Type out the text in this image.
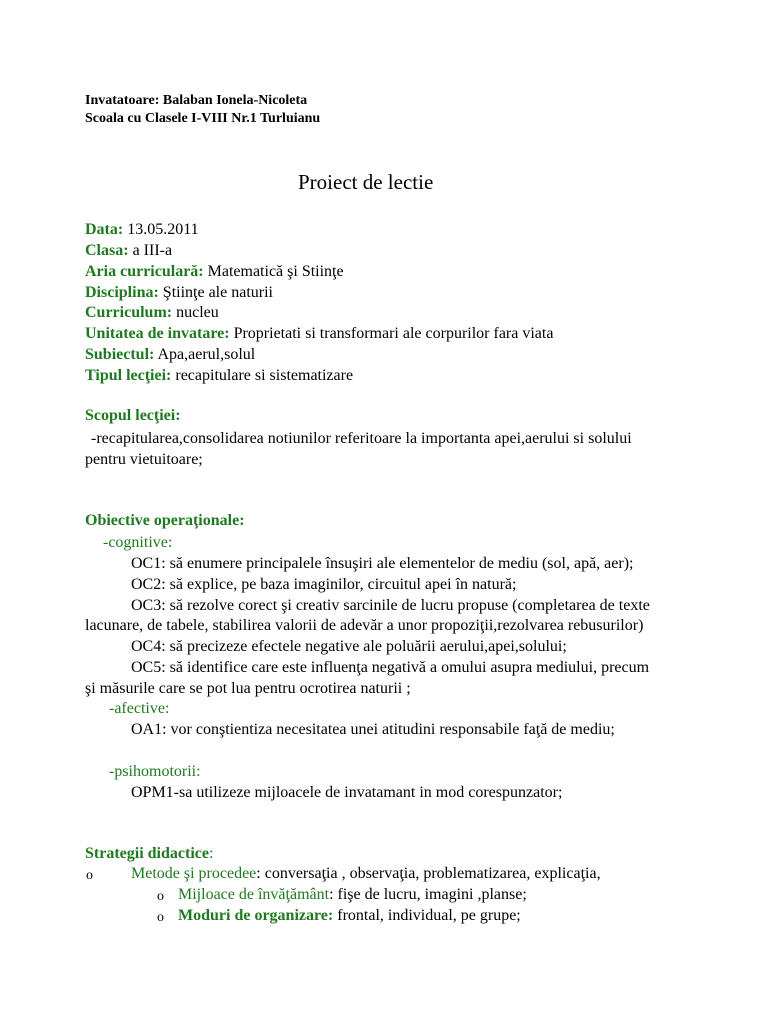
Invatatoare: Balaban Ionela-Nicoleta
Scoala cu Clasele I-VIII Nr.1 Turluianu
Proiect de lectie
Data: 13.05.2011
Clasa: a III-a
Aria curriculară: Matematică şi Stiinţe
Disciplina: Ştiinţe ale naturii
Curriculum: nucleu
Unitatea de invatare: Proprietati si transformari ale corpurilor fara viata
Subiectul: Apa,aerul,solul
Tipul lecţiei: recapitulare si sistematizare
Scopul lecţiei:
-recapitularea,consolidarea notiunilor referitoare la importanta apei,aerului si solului
pentru vietuitoare;
Obiective operaţionale:
-cognitive:
OC1: să enumere principalele însuşiri ale elementelor de mediu (sol, apă, aer);
OC2: să explice, pe baza imaginilor, circuitul apei în natură;
OC3: să rezolve corect şi creativ sarcinile de lucru propuse (completarea de texte
lacunare, de tabele, stabilirea valorii de adevăr a unor propoziţii,rezolvarea rebusurilor)
OC4: să precizeze efectele negative ale poluării aerului,apei,solului;
OC5: să identifice care este influenţa negativă a omului asupra mediului, precum
şi măsurile care se pot lua pentru ocrotirea naturii ;
-afective:
OA1: vor conştientiza necesitatea unei atitudini responsabile faţă de mediu;
-psihomotorii:
OPM1-sa utilizeze mijloacele de invatamant in mod corespunzator;
Strategii didactice:
o Metode şi procedee: conversaţia , observaţia, problematizarea, explicaţia,
o Mijloace de învăţământ: fişe de lucru, imagini ,planse;
o Moduri de organizare: frontal, individual, pe grupe;
